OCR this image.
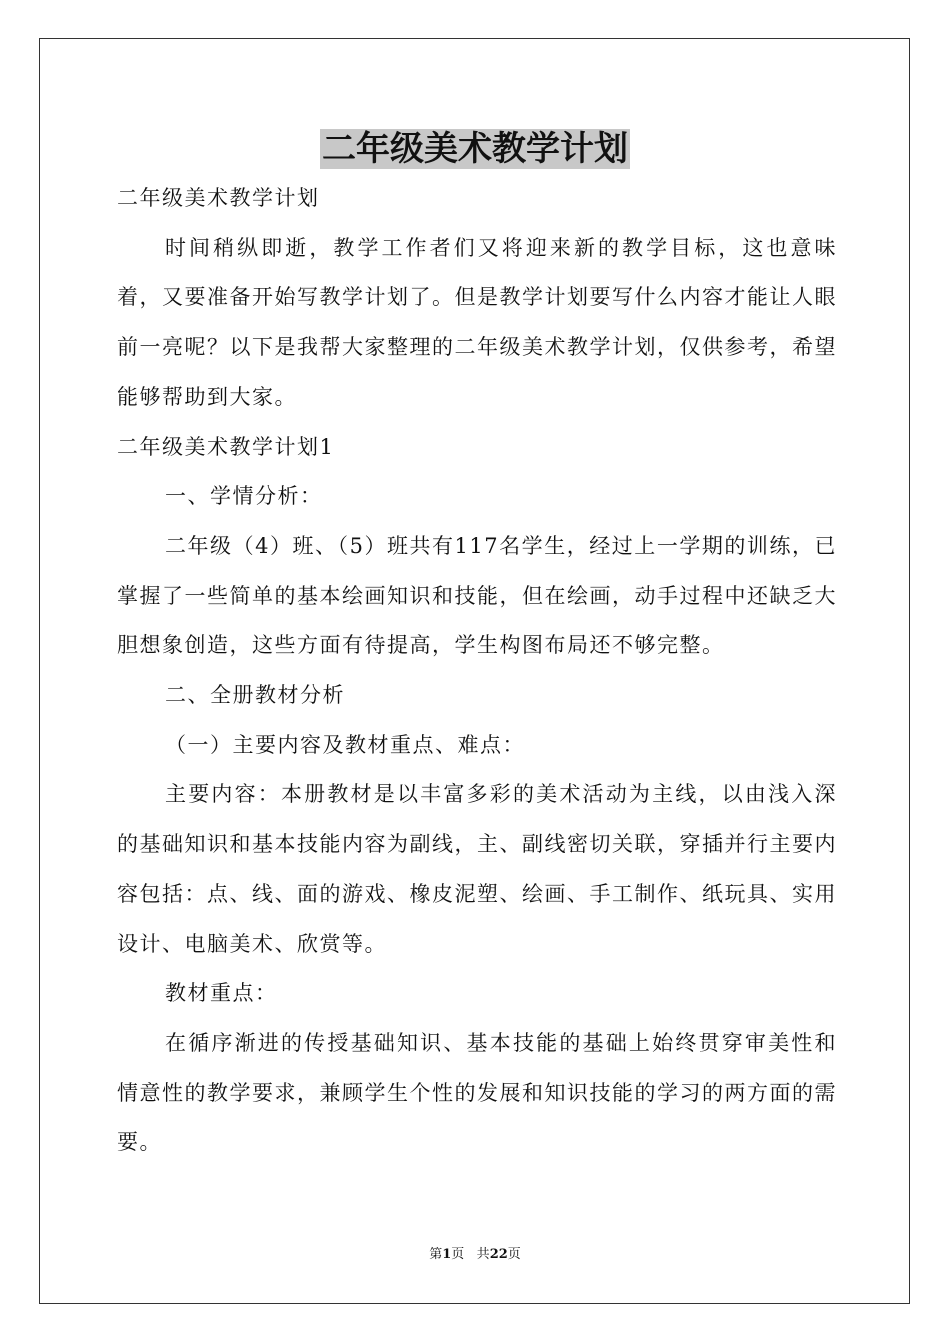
二年级美术教学计划

二年级美术教学计划

时间稍纵即逝，教学工作者们又将迎来新的教学目标，这也意味着，又要准备开始写教学计划了。但是教学计划要写什么内容才能让人眼前一亮呢？以下是我帮大家整理的二年级美术教学计划，仅供参考，希望能够帮助到大家。

二年级美术教学计划1

一、学情分析：

二年级（4）班、（5）班共有117名学生，经过上一学期的训练，已掌握了一些简单的基本绘画知识和技能，但在绘画，动手过程中还缺乏大胆想象创造，这些方面有待提高，学生构图布局还不够完整。

二、全册教材分析

（一）主要内容及教材重点、难点：

主要内容：本册教材是以丰富多彩的美术活动为主线，以由浅入深的基础知识和基本技能内容为副线，主、副线密切关联，穿插并行主要内容包括：点、线、面的游戏、橡皮泥塑、绘画、手工制作、纸玩具、实用设计、电脑美术、欣赏等。

教材重点：

在循序渐进的传授基础知识、基本技能的基础上始终贯穿审美性和情意性的教学要求，兼顾学生个性的发展和知识技能的学习的两方面的需要。

第1页 共22页
